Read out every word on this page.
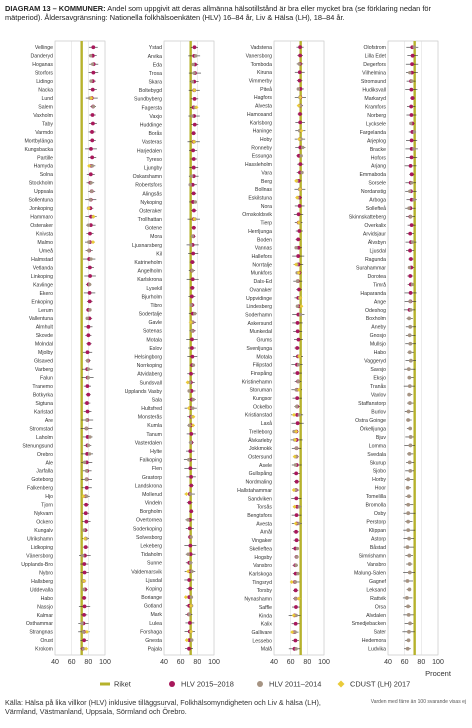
DIAGRAM 13 – KOMMUNER: Andel som uppgivit att deras allmänna hälsotillstånd är bra eller mycket bra (se förklaring nedan för mätperiod). Åldersavgränsning: Nationella folkhälsoenkäten (HLV) 16–84 år, Liv & Hälsa (LH), 18–84 år.
40 60 80 100
Vellinge
Danderyd
Hoganas
Storfors
Lidingo
Nacka
Lund
Salem
Vaxholm
Taby
Varmdo
Mortbylänga
Kungsbacka
Partille
Hamyda
Solna
Stockholm
Uppsala
Sollentuna
Jonkoping
Hammaro
Osteraker
Knivsta
Malmo
Umeå
Halmstad
Vetlanda
Linkoping
Kavlinge
Ekero
Enkoping
Lerum
Vallentuna
Almhult
Skovde
Molndal
Mjolby
Glsaved
Varberg
Falun
Tranemo
Botkyrka
Sigtuna
Karlstad
Are
Stromstad
Laholm
Stenungsund
Orebro
Ale
Jarfalla
Goteborg
Falkenberg
Hjo
Tjorn
Nykvarn
Ockero
Kungalv
Ulrikshamn
Lidkoping
Vänersborg
Upplands-Bro
Nybro
Hallsberg
Uddevalla
Habo
Nassjo
Kalmar
Osthammar
Strangnas
Orust
Krokom
40 60 80 100
Ystad
Arvika
Eda
Trosa
Skara
Boltebygd
Sundbyberg
Fagersta
Vaxjo
Huddinge
Borås
Vasteras
Harjedalen
Tyreso
Ljungby
Oskarshamn
Robertsfors
Alingsås
Nykoping
Osteraker
Trollhattan
Gotene
Mora
Ljusnarsberg
Kil
Katrineholm
Angelholm
Karlskrona
Lysekil
Bjurholm
Tibro
Sodertalje
Gavle
Sotenas
Motala
Eslov
Helsingborg
Norrkoping
Atvidaberg
Sundsvall
Upplands Vasby
Sala
Hultsfred
Monsterås
Kumla
Tanum
Vasterdalen
Hylte
Falkoping
Flen
Grastorp
Landskrona
Mollerud
Vindeln
Borgholm
Overtornea
Soderkoping
Solvesborg
Lekeberg
Tidaholm
Sunne
Valdemarsvik
Ljusdal
Koping
Boriange
Gotland
Mark
Lulea
Forshaga
Gnesta
Pajala
40 60 80 100
Vadstena
Vanersborg
Tomboda
Kiruna
Vimmerby
Piteå
Hagfors
Alvesta
Hamosand
Karlsborg
Haninge
Hoby
Ronneby
Essunga
Hassleholm
Vara
Berg
Bollnas
Eskilstuna
Nora
Ornskoldsvik
Tierp
Herrljunga
Boden
Vannas
Hallefors
Norrtalje
Munkfors
Dals-Ed
Ovanaker
Uppvidinge
Lindesberg
Soderhamn
Askersund
Munkedal
Grums
Svenljunga
Motala
Filipstad
Finspång
Kristinehamn
Storuman
Kungsor
Ockelbo
Kristianstad
Laxå
Trelleborg
Älvkarleby
Jokkmokk
Ostersund
Asele
Gullspång
Nordmaling
Hallstahammar
Sandviken
Torsås
Bengtsfors
Avesta
Amål
Vingaker
Skelleftea
Hogsby
Vansbro
Karlskoga
Tingsryd
Torsby
Nynashamn
Saffle
Kinda
Kalix
Gallivare
Lessebo
Malå
40 60 80 100
Olofstrom
Lilla Edet
Degerfors
Vilhelmina
Stromsund
Hudiksvall
Markaryd
Kramfors
Norberg
Lycksele
Fargelanda
Arjeplog
Bracke
Hofors
Arjang
Emmaboda
Sorsele
Nordanstig
Arboga
Sollefteå
Skinnskatteberg
Overkalix
Arvidsjaur
Älvsbyn
Ljusdal
Ragunda
Surahammar
Dorotea
Timrå
Haparanda
Ange
Odeshog
Boxholm
Aneby
Gnosjo
Mullsjo
Habo
Vaggeryd
Savsjo
Eksjo
Tranås
Vaxlov
Staffanstorp
Burlov
Ostra Goinge
Örkelljunga
Bjuv
Lomma
Svedala
Skurup
Sjobo
Horby
Hoor
Tomelilla
Bromolla
Osby
Perstorp
Klippan
Astorp
Båstad
Simrishamn
Vansbro
Malung-Salen
Gagnef
Leksand
Rattvik
Orsa
Alvdalen
Smedjebacken
Sater
Hedemora
Ludvika
Procent
Riket	HLV 2015–2018	HLV 2011–2014	CDUST (LH) 2017
Källa: Hälsa på lika villkor (HLV) inklusive tilläggsurval, Folkhälsomyndigheten och Liv & hälsa (LH), Värmland, Västmanland, Uppsala, Sörmland och Örebro.
Varden med färre än 100 svarande visas ej
